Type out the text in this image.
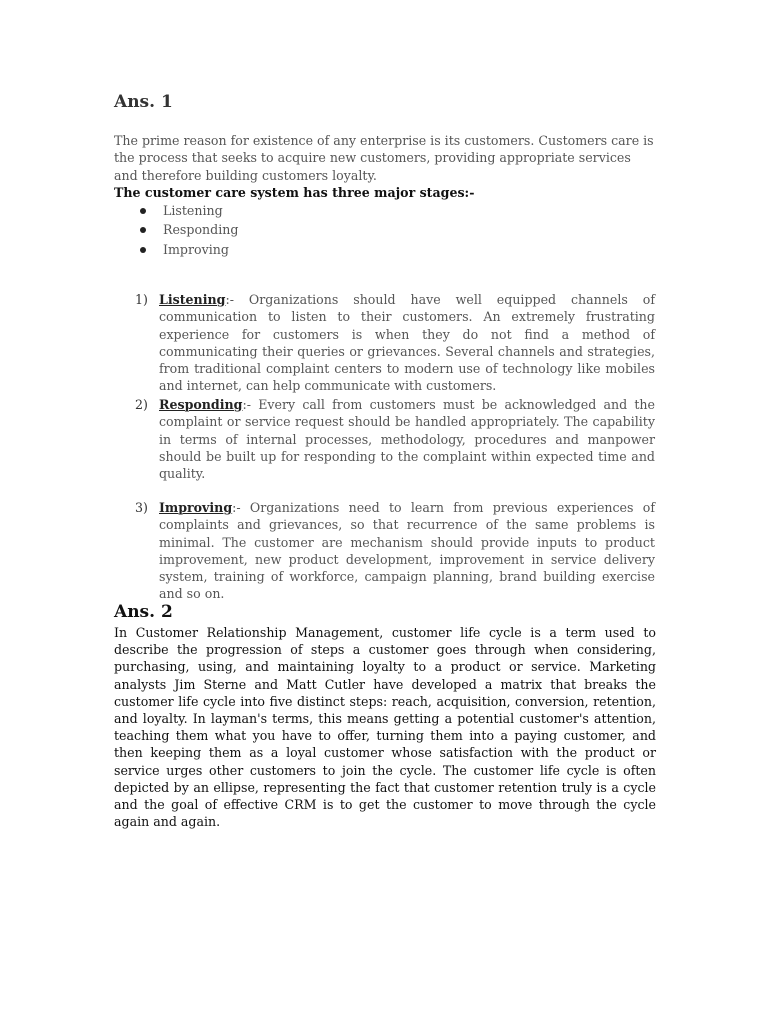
Ans. 1

The prime reason for existence of any enterprise is its customers. Customers care is the process that seeks to acquire new customers, providing appropriate services and therefore building customers loyalty.

The customer care system has three major stages:-

Listening
Responding
Improving
1) Listening:- Organizations should have well equipped channels of communication to listen to their customers. An extremely frustrating experience for customers is when they do not find a method of communicating their queries or grievances. Several channels and strategies, from traditional complaint centers to modern use of technology like mobiles and internet, can help communicate with customers.

2) Responding:- Every call from customers must be acknowledged and the complaint or service request should be handled appropriately. The capability in terms of internal processes, methodology, procedures and manpower should be built up for responding to the complaint within expected time and quality.

3) Improving:- Organizations need to learn from previous experiences of complaints and grievances, so that recurrence of the same problems is minimal. The customer are mechanism should provide inputs to product improvement, new product development, improvement in service delivery system, training of workforce, campaign planning, brand building exercise and so on.

Ans. 2

In Customer Relationship Management, customer life cycle is a term used to describe the progression of steps a customer goes through when considering, purchasing, using, and maintaining loyalty to a product or service. Marketing analysts Jim Sterne and Matt Cutler have developed a matrix that breaks the customer life cycle into five distinct steps: reach, acquisition, conversion, retention, and loyalty. In layman's terms, this means getting a potential customer's attention, teaching them what you have to offer, turning them into a paying customer, and then keeping them as a loyal customer whose satisfaction with the product or service urges other customers to join the cycle. The customer life cycle is often depicted by an ellipse, representing the fact that customer retention truly is a cycle and the goal of effective CRM is to get the customer to move through the cycle again and again.
